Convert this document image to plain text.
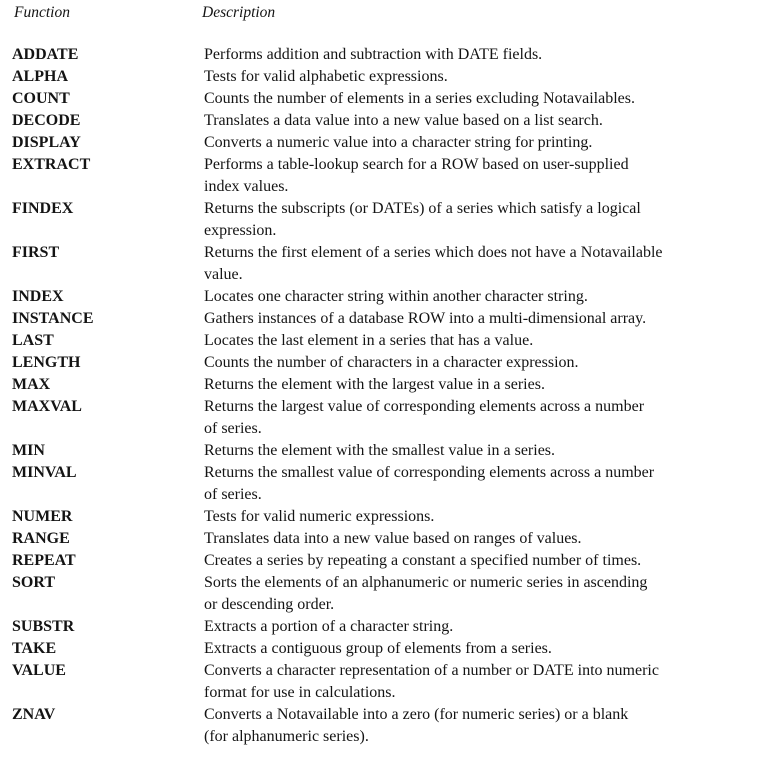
Function	Description
ADDATE	Performs addition and subtraction with DATE fields.
ALPHA	Tests for valid alphabetic expressions.
COUNT	Counts the number of elements in a series excluding Notavailables.
DECODE	Translates a data value into a new value based on a list search.
DISPLAY	Converts a numeric value into a character string for printing.
EXTRACT	Performs a table-lookup search for a ROW based on user-supplied
index values.
FINDEX	Returns the subscripts (or DATEs) of a series which satisfy a logical
expression.
FIRST	Returns the first element of a series which does not have a Notavailable
value.
INDEX	Locates one character string within another character string.
INSTANCE	Gathers instances of a database ROW into a multi-dimensional array.
LAST	Locates the last element in a series that has a value.
LENGTH	Counts the number of characters in a character expression.
MAX	Returns the element with the largest value in a series.
MAXVAL	Returns the largest value of corresponding elements across a number
of series.
MIN	Returns the element with the smallest value in a series.
MINVAL	Returns the smallest value of corresponding elements across a number
of series.
NUMER	Tests for valid numeric expressions.
RANGE	Translates data into a new value based on ranges of values.
REPEAT	Creates a series by repeating a constant a specified number of times.
SORT	Sorts the elements of an alphanumeric or numeric series in ascending
or descending order.
SUBSTR	Extracts a portion of a character string.
TAKE	Extracts a contiguous group of elements from a series.
VALUE	Converts a character representation of a number or DATE into numeric
format for use in calculations.
ZNAV	Converts a Notavailable into a zero (for numeric series) or a blank
(for alphanumeric series).
